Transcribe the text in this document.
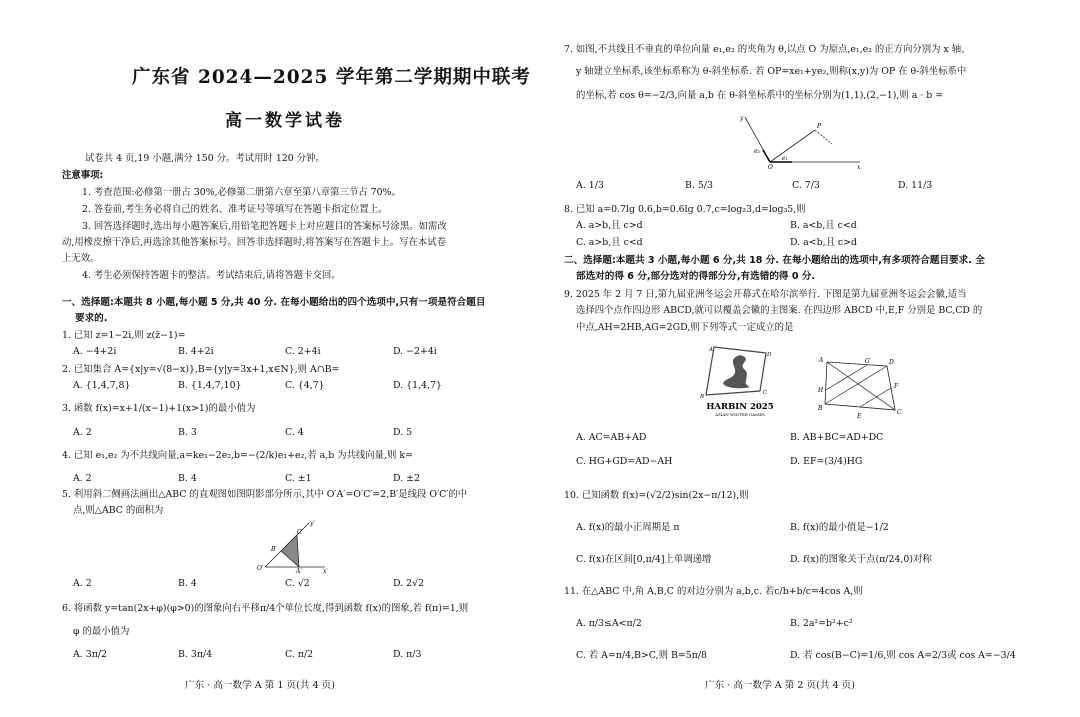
广东省 2024—2025 学年第二学期期中联考
高一数学试卷
试卷共 4 页,19 小题,满分 150 分。考试用时 120 分钟。
注意事项:
1. 考查范围:必修第一册占 30%,必修第二册第六章至第八章第三节占 70%。
2. 答卷前,考生务必将自己的姓名、准考证号等填写在答题卡指定位置上。
3. 回答选择题时,选出每小题答案后,用铅笔把答题卡上对应题目的答案标号涂黑。如需改
动,用橡皮擦干净后,再选涂其他答案标号。回答非选择题时,将答案写在答题卡上。写在本试卷
上无效。
4. 考生必须保持答题卡的整洁。考试结束后,请将答题卡交回。
一、选择题:本题共 8 小题,每小题 5 分,共 40 分. 在每小题给出的四个选项中,只有一项是符合题目
要求的.
1. 已知 z=1−2i,则 z(z̄−1)=
A. −4+2i	B. 4+2i	C. 2+4i	D. −2+4i
2. 已知集合 A={x|y=√(8−x)},B={y|y=3x+1,x∈N},则 A∩B=
A. {1,4,7,8}	B. {1,4,7,10}	C. {4,7}	D. {1,4,7}
3. 函数 f(x)=x+1/(x−1)+1(x>1)的最小值为
A. 2	B. 3	C. 4	D. 5
4. 已知 e₁,e₂ 为不共线向量,a=ke₁−2e₂,b=−(2/k)e₁+e₂,若 a,b 为共线向量,则 k=
A. 2	B. 4	C. ±1	D. ±2
5. 利用斜二侧画法画出△ABC 的直观图如图阴影部分所示,其中 O′A′=O′C′=2,B′是线段 O′C′的中
点,则△ABC 的面积为
y′
C′
B′
O′	A′	x′
A. 2	B. 4	C. √2	D. 2√2
6. 将函数 y=tan(2x+φ)(φ>0)的图象向右平移π/4个单位长度,得到函数 f(x)的图象,若 f(π)=1,则
φ 的最小值为
A. 3π/2	B. 3π/4	C. π/2	D. π/3
广东 · 高一数学 A 第 1 页(共 4 页)
7. 如图,不共线且不垂直的单位向量 e₁,e₂ 的夹角为 θ,以点 O 为原点,e₁,e₂ 的正方向分别为 x 轴、
y 轴建立坐标系,该坐标系称为 θ-斜坐标系. 若 OP=xe₁+ye₂,则称(x,y)为 OP 在 θ-斜坐标系中
的坐标,若 cos θ=−2/3,向量 a,b 在 θ-斜坐标系中的坐标分别为(1,1),(2,−1),则 a · b =
y
P
e₂
e₁
O	x
A. 1/3	B. 5/3	C. 7/3	D. 11/3
8. 已知 a=0.7lg 0.6,b=0.6lg 0.7,c=log₂3,d=log₃5,则
A. a>b,且 c>d	B. a<b,且 c<d
C. a>b,且 c<d	D. a<b,且 c>d
二、选择题:本题共 3 小题,每小题 6 分,共 18 分. 在每小题给出的选项中,有多项符合题目要求. 全
部选对的得 6 分,部分选对的得部分分,有选错的得 0 分.
9. 2025 年 2 月 7 日,第九届亚洲冬运会开幕式在哈尔滨举行. 下图是第九届亚洲冬运会会徽,适当
选择四个点作四边形 ABCD,就可以覆盖会徽的主图案. 在四边形 ABCD 中,E,F 分别是 BC,CD 的
中点,AH=2HB,AG=2GD,则下列等式一定成立的是
A
D
B
C
HARBIN 2025
ASIAN WINTER GAMES
A	G	D
F
H
B
C
E
A. AC=AB+AD	B. AB+BC=AD+DC
C. HG+GD=AD−AH	D. EF=(3/4)HG
10. 已知函数 f(x)=(√2/2)sin(2x−π/12),则
A. f(x)的最小正周期是 π	B. f(x)的最小值是−1/2
C. f(x)在区间[0,π/4]上单调递增	D. f(x)的图象关于点(π/24,0)对称
11. 在△ABC 中,角 A,B,C 的对边分别为 a,b,c. 若c/b+b/c=4cos A,则
A. π/3≤A<π/2	B. 2a²=b²+c²
C. 若 A=π/4,B>C,则 B=5π/8	D. 若 cos(B−C)=1/6,则 cos A=2/3或 cos A=−3/4
广东 · 高一数学 A 第 2 页(共 4 页)
